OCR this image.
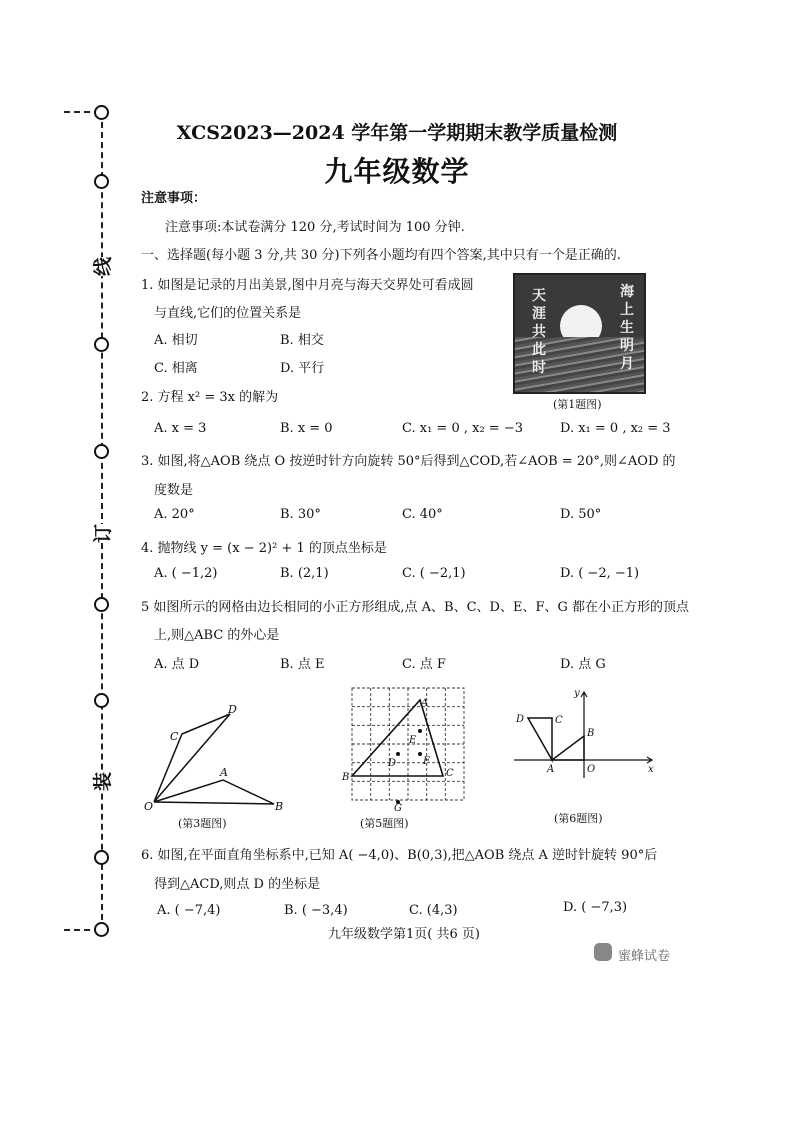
线
订
装
XCS2023—2024 学年第一学期期末教学质量检测
九年级数学
注意事项：
注意事项:本试卷满分 120 分,考试时间为 100 分钟.
一、选择题(每小题 3 分,共 30 分)下列各小题均有四个答案,其中只有一个是正确的.
1. 如图是记录的月出美景,图中月亮与海天交界处可看成圆
与直线,它们的位置关系是
A. 相切	B. 相交
C. 相离	D. 平行
天
涯
共
此
时
海
上
生
明
月
(第1题图)
2. 方程 x² = 3x 的解为
A. x = 3	B. x = 0	C. x₁ = 0 , x₂ = −3	D. x₁ = 0 , x₂ = 3
3. 如图,将△AOB 绕点 O 按逆时针方向旋转 50°后得到△COD,若∠AOB = 20°,则∠AOD 的
度数是
A. 20°	B. 30°	C. 40°	D. 50°
4. 抛物线 y = (x − 2)² + 1 的顶点坐标是
A. ( −1,2)	B. (2,1)	C. ( −2,1)	D. ( −2, −1)
5 如图所示的网格由边长相同的小正方形组成,点 A、B、C、D、E、F、G 都在小正方形的顶点
上,则△ABC 的外心是
A. 点 D	B. 点 E	C. 点 F	D. 点 G
O
C
D
A
B
(第3题图)
A
B	C
D
E
F
G
(第5题图)
y
x
O
A
B
C
D
(第6题图)
6. 如图,在平面直角坐标系中,已知 A( −4,0)、B(0,3),把△AOB 绕点 A 逆时针旋转 90°后
得到△ACD,则点 D 的坐标是
A. ( −7,4)	B. ( −3,4)	C. (4,3)	D. ( −7,3)
九年级数学第1页( 共6 页)
蜜蜂试卷
